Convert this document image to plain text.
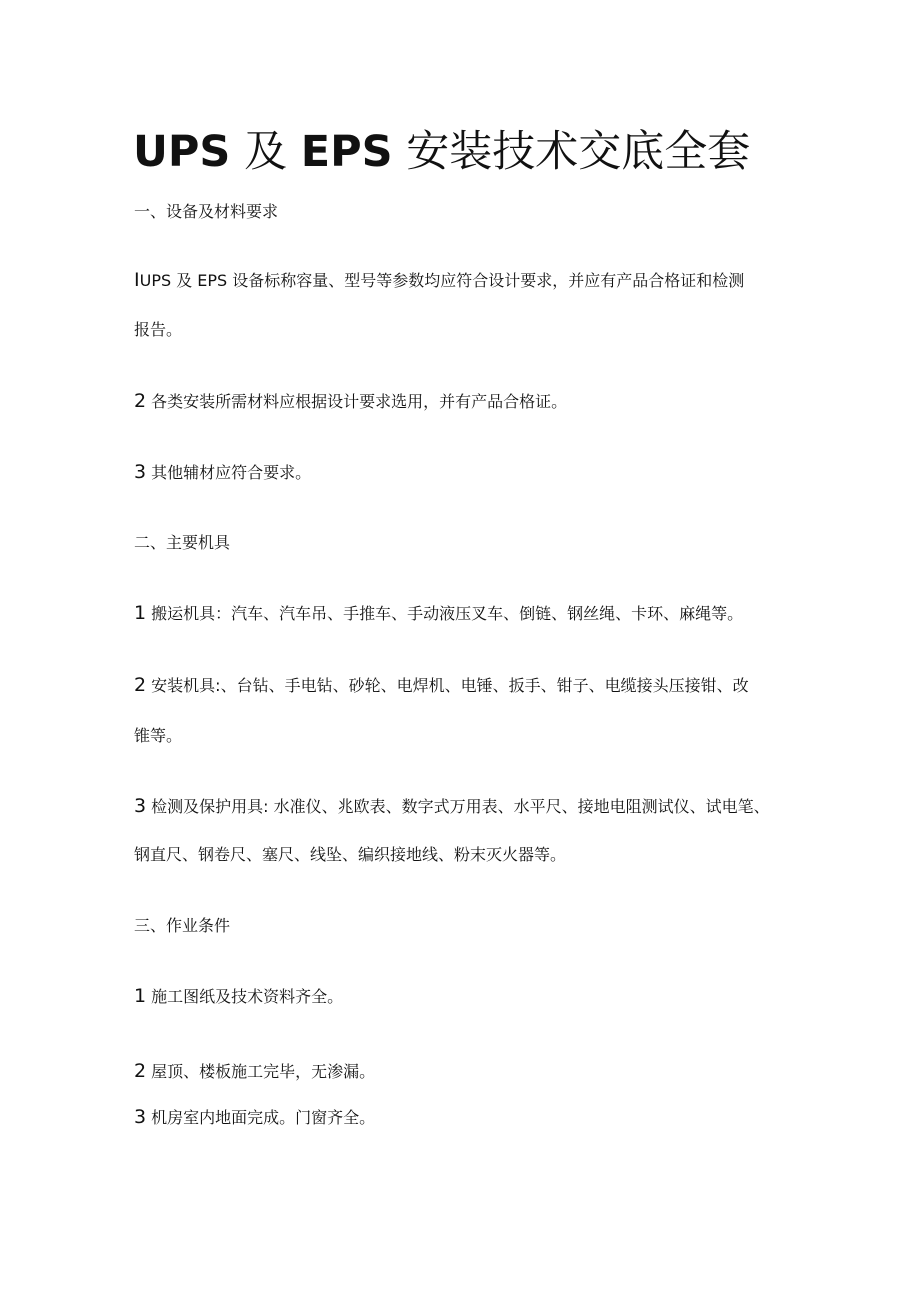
UPS 及 EPS 安装技术交底全套

一、设备及材料要求

IUPS 及 EPS 设备标称容量、型号等参数均应符合设计要求，并应有产品合格证和检测

报告。

2 各类安装所需材料应根据设计要求选用，并有产品合格证。

3 其他辅材应符合要求。

二、主要机具

1 搬运机具：汽车、汽车吊、手推车、手动液压叉车、倒链、钢丝绳、卡环、麻绳等。

2 安装机具:、台钻、手电钻、砂轮、电焊机、电锤、扳手、钳子、电缆接头压接钳、改

锥等。

3 检测及保护用具: 水准仪、兆欧表、数字式万用表、水平尺、接地电阻测试仪、试电笔、

钢直尺、钢卷尺、塞尺、线坠、编织接地线、粉末灭火器等。

三、作业条件

1 施工图纸及技术资料齐全。

2 屋顶、楼板施工完毕，无渗漏。

3 机房室内地面完成。门窗齐全。
